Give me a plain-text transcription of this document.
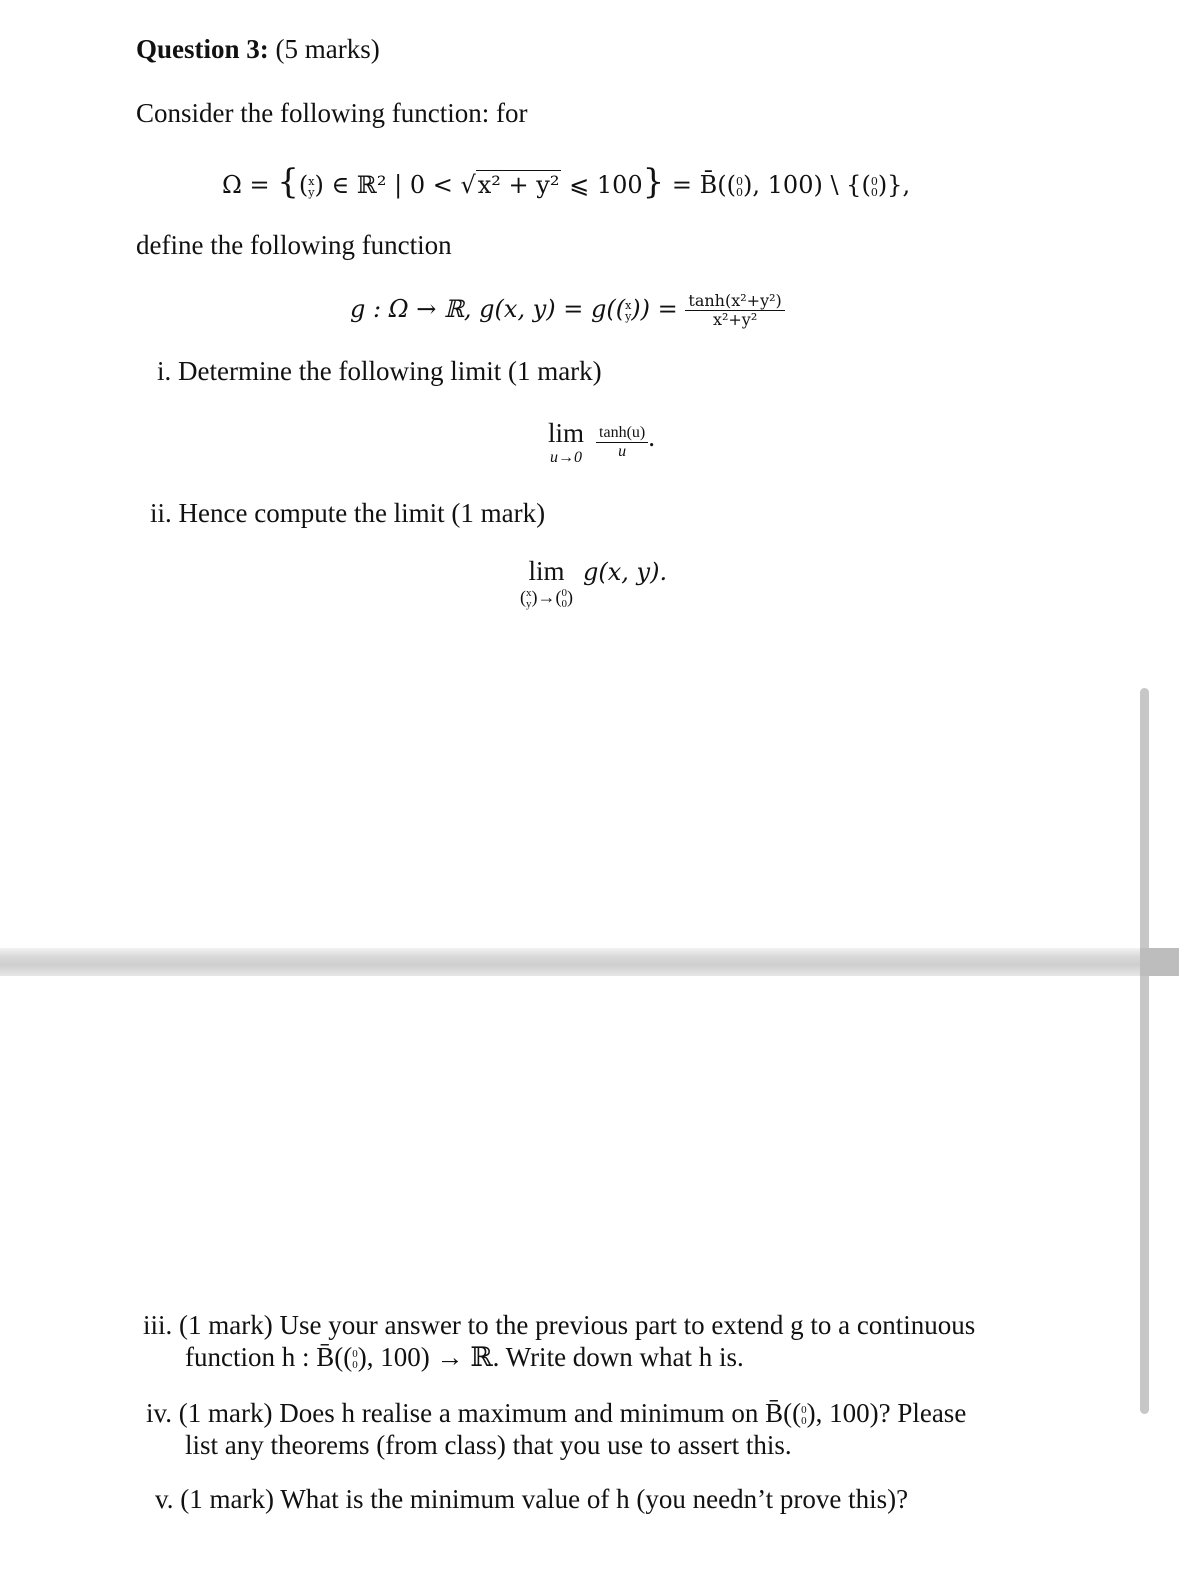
Question 3: (5 marks)
Consider the following function: for
Ω = {( x
y ) ∈ ℝ² | 0 < √x² + y² ⩽ 100} = B̄(( 0
0 ), 100) \ {( 0
0 )},
define the following function
g : Ω → ℝ, g(x, y) = g(( x
y )) = $\frac{\text{tanh(x²+y²)}}{\text{x²+y²}}$
i. Determine the following limit (1 mark)
lim
u→0
$\frac{\tanh(u)}{u}$ .
ii. Hence compute the limit (1 mark)
lim
( x
y )→( 0
0 )
g(x, y).
iii. (1 mark) Use your answer to the previous part to extend g to a continuous
function h : B̄(( 0
0 ), 100) → ℝ. Write down what h is.
iv. (1 mark) Does h realise a maximum and minimum on B̄(( 0
0 ), 100)? Please
list any theorems (from class) that you use to assert this.
v. (1 mark) What is the minimum value of h (you needn’t prove this)?
